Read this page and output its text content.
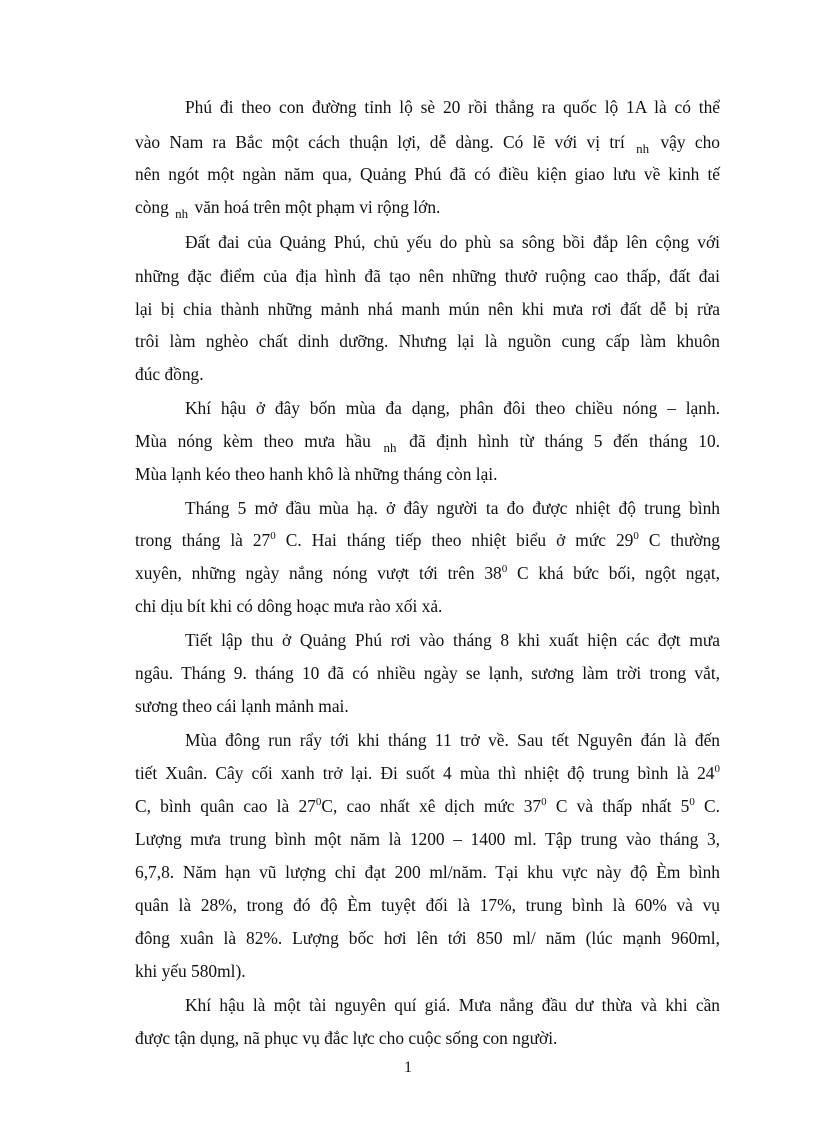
Phú đi theo con đường tỉnh lộ sè 20 rồi thẳng ra quốc lộ 1A là có thể
vào Nam ra Bắc một cách thuận lợi, dễ dàng. Có lẽ với vị trí $_{nh}$ vậy cho
nên ngót một ngàn năm qua, Quảng Phú đã có điều kiện giao lưu về kinh tế
còng $_{nh}$ văn hoá trên một phạm vi rộng lớn.
Đất đai của Quảng Phú, chủ yếu do phù sa sông bồi đắp lên cộng với
những đặc điểm của địa hình đã tạo nên những thưở ruộng cao thấp, đất đai
lại bị chia thành những mảnh nhá manh mún nên khi mưa rơi đất dễ bị rửa
trôi làm nghèo chất dinh dưỡng. Nhưng lại là nguồn cung cấp làm khuôn
đúc đồng.
Khí hậu ở đây bốn mùa đa dạng, phân đôi theo chiều nóng – lạnh.
Mùa nóng kèm theo mưa hầu $_{nh}$ đã định hình từ tháng 5 đến tháng 10.
Mùa lạnh kéo theo hanh khô là những tháng còn lại.
Tháng 5 mở đầu mùa hạ. ở đây người ta đo được nhiệt độ trung bình
trong tháng là $27^0$ C. Hai tháng tiếp theo nhiệt biểu ở mức $29^0$ C thường
xuyên, những ngày nắng nóng vượt tới trên $38^0$ C khá bức bối, ngột ngạt,
chỉ dịu bít khi có dông hoạc mưa rào xối xả.
Tiết lập thu ở Quảng Phú rơi vào tháng 8 khi xuất hiện các đợt mưa
ngâu. Tháng 9. tháng 10 đã có nhiều ngày se lạnh, sương làm trời trong vắt,
sương theo cái lạnh mảnh mai.
Mùa đông run rẩy tới khi tháng 11 trở về. Sau tết Nguyên đán là đến
tiết Xuân. Cây cối xanh trở lại. Đi suốt 4 mùa thì nhiệt độ trung bình là $24^0$
C, bình quân cao là $27^0C$, cao nhất xê dịch mức $37^0$ C và thấp nhất $5^0$ C.
Lượng mưa trung bình một năm là 1200 – 1400 ml. Tập trung vào tháng 3,
6,7,8. Năm hạn vũ lượng chỉ đạt 200 ml/năm. Tại khu vực này độ Èm bình
quân là 28%, trong đó độ Èm tuyệt đối là 17%, trung bình là 60% và vụ
đông xuân là 82%. Lượng bốc hơi lên tới 850 ml/ năm (lúc mạnh 960ml,
khi yếu 580ml).
Khí hậu là một tài nguyên quí giá. Mưa nắng đầu dư thừa và khi cần
được tận dụng, nã phục vụ đắc lực cho cuộc sống con người.
1
